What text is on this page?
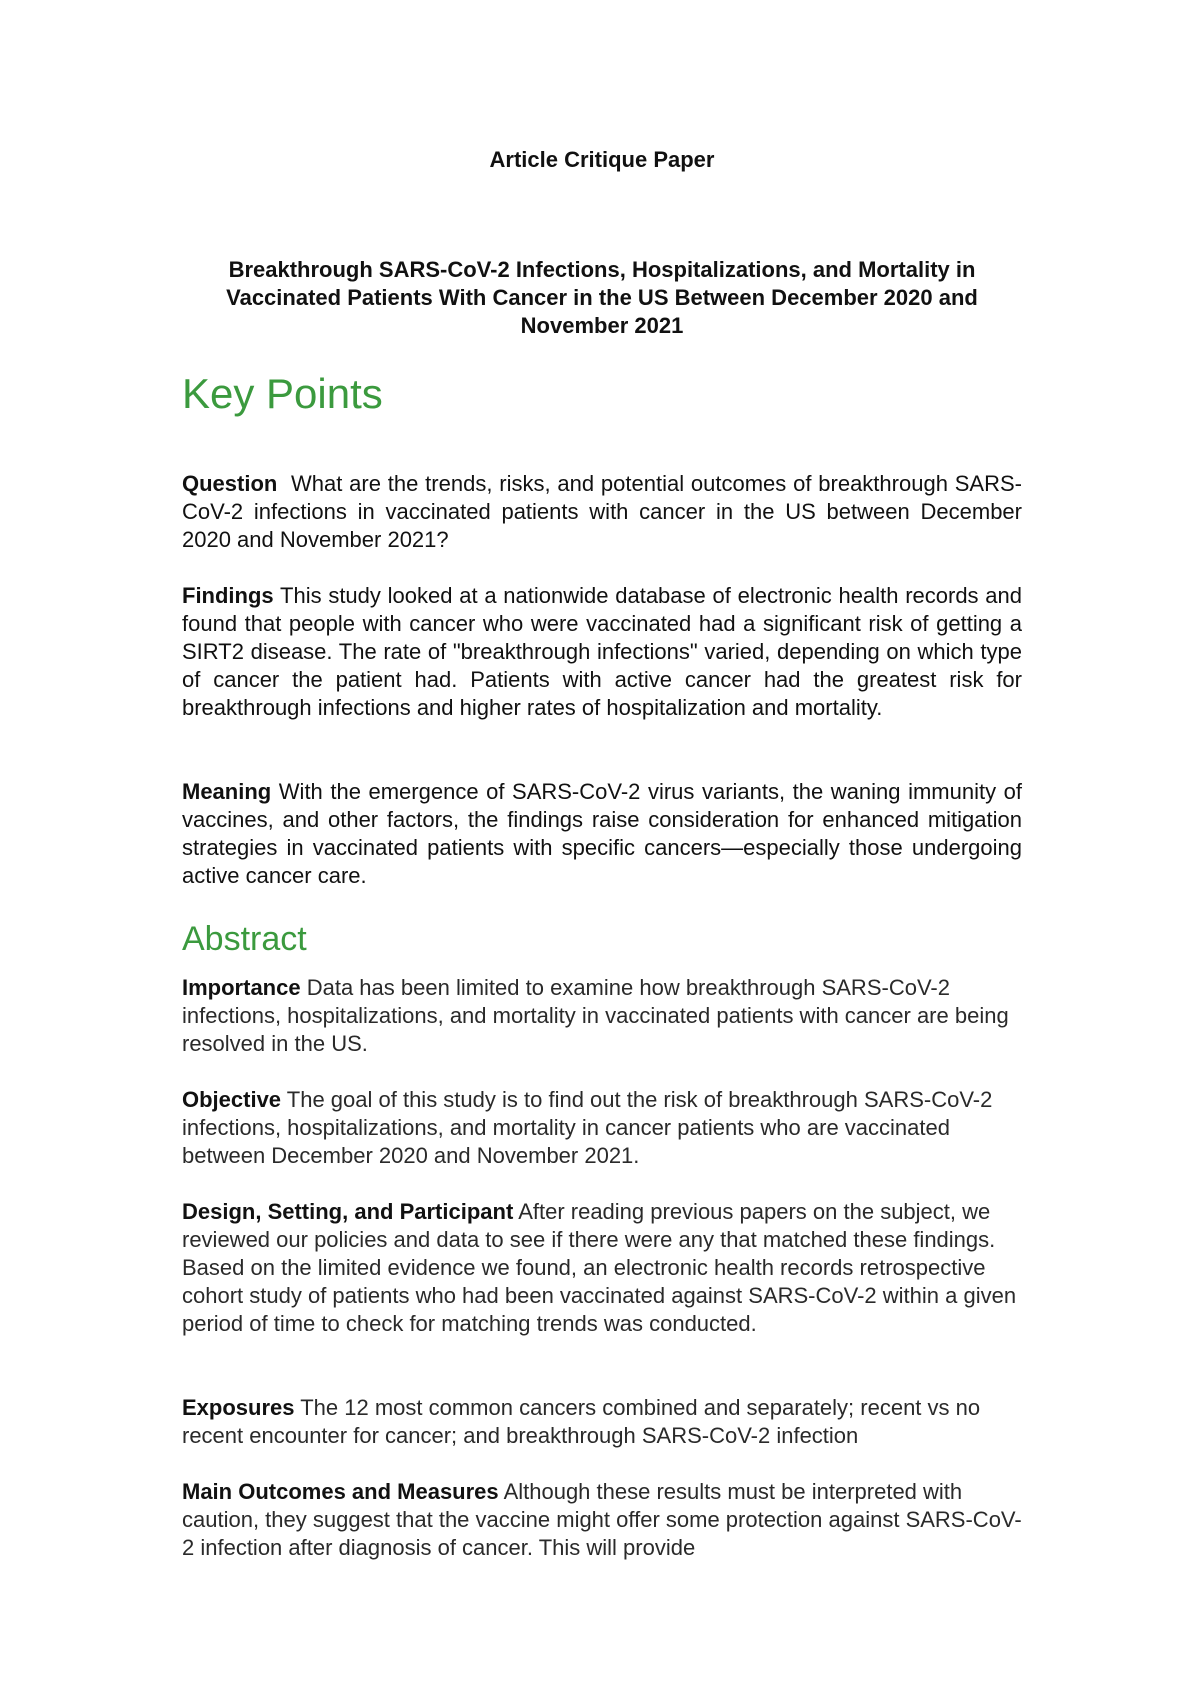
Article Critique Paper

Breakthrough SARS-CoV-2 Infections, Hospitalizations, and Mortality in Vaccinated Patients With Cancer in the US Between December 2020 and November 2021

Key Points

Question What are the trends, risks, and potential outcomes of breakthrough SARS-CoV-2 infections in vaccinated patients with cancer in the US between December 2020 and November 2021?

Findings This study looked at a nationwide database of electronic health records and found that people with cancer who were vaccinated had a significant risk of getting a SIRT2 disease. The rate of "breakthrough infections" varied, depending on which type of cancer the patient had. Patients with active cancer had the greatest risk for breakthrough infections and higher rates of hospitalization and mortality.

Meaning With the emergence of SARS-CoV-2 virus variants, the waning immunity of vaccines, and other factors, the findings raise consideration for enhanced mitigation strategies in vaccinated patients with specific cancers—especially those undergoing active cancer care.

Abstract

Importance Data has been limited to examine how breakthrough SARS-CoV-2 infections, hospitalizations, and mortality in vaccinated patients with cancer are being resolved in the US.

Objective The goal of this study is to find out the risk of breakthrough SARS-CoV-2 infections, hospitalizations, and mortality in cancer patients who are vaccinated between December 2020 and November 2021.

Design, Setting, and Participant After reading previous papers on the subject, we reviewed our policies and data to see if there were any that matched these findings. Based on the limited evidence we found, an electronic health records retrospective cohort study of patients who had been vaccinated against SARS-CoV-2 within a given period of time to check for matching trends was conducted.

Exposures The 12 most common cancers combined and separately; recent vs no recent encounter for cancer; and breakthrough SARS-CoV-2 infection

Main Outcomes and Measures Although these results must be interpreted with caution, they suggest that the vaccine might offer some protection against SARS-CoV-2 infection after diagnosis of cancer. This will provide
